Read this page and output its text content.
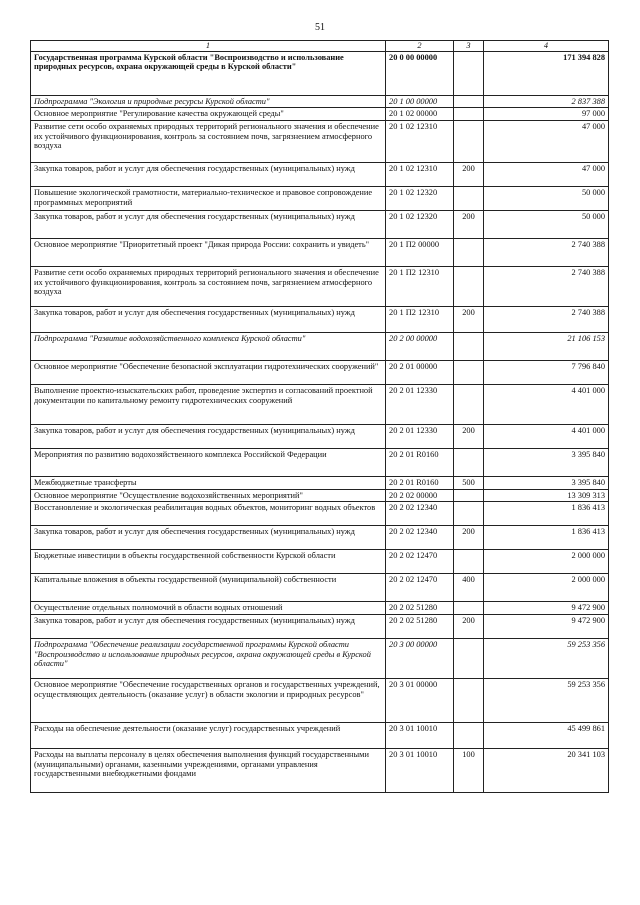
51
1	2	3	4
Государственная программа Курской области "Воспроизводство и использование природных ресурсов, охрана окружающей среды в Курской области"	20 0 00 00000		171 394 828
Подпрограмма "Экология и природные ресурсы Курской области"	20 1 00 00000		2 837 388
Основное мероприятие "Регулирование качества окружающей среды"	20 1 02 00000		97 000
Развитие сети особо охраняемых природных территорий регионального значения и обеспечение их устойчивого функционирования, контроль за состоянием почв, загрязнением атмосферного воздуха	20 1 02 12310		47 000
Закупка товаров, работ и услуг для обеспечения государственных (муниципальных) нужд	20 1 02 12310	200	47 000
Повышение экологической грамотности, материально-техническое и правовое сопровождение программных мероприятий	20 1 02 12320		50 000
Закупка товаров, работ и услуг для обеспечения государственных (муниципальных) нужд	20 1 02 12320	200	50 000
Основное мероприятие "Приоритетный проект "Дикая природа России: сохранить и увидеть"	20 1 П2 00000		2 740 388
Развитие сети особо охраняемых природных территорий регионального значения и обеспечение их устойчивого функционирования, контроль за состоянием почв, загрязнением атмосферного воздуха	20 1 П2 12310		2 740 388
Закупка товаров, работ и услуг для обеспечения государственных (муниципальных) нужд	20 1 П2 12310	200	2 740 388
Подпрограмма "Развитие водохозяйственного комплекса Курской области"	20 2 00 00000		21 106 153
Основное мероприятие "Обеспечение безопасной эксплуатации гидротехнических сооружений"	20 2 01 00000		7 796 840
Выполнение проектно-изыскательских работ, проведение экспертиз и согласований проектной документации по капитальному ремонту гидротехнических сооружений	20 2 01 12330		4 401 000
Закупка товаров, работ и услуг для обеспечения государственных (муниципальных) нужд	20 2 01 12330	200	4 401 000
Мероприятия по развитию водохозяйственного комплекса Российской Федерации	20 2 01 R0160		3 395 840
Межбюджетные трансферты	20 2 01 R0160	500	3 395 840
Основное мероприятие "Осуществление водохозяйственных мероприятий"	20 2 02 00000		13 309 313
Восстановление и экологическая реабилитация водных объектов, мониторинг водных объектов	20 2 02 12340		1 836 413
Закупка товаров, работ и услуг для обеспечения государственных (муниципальных) нужд	20 2 02 12340	200	1 836 413
Бюджетные инвестиции в объекты государственной собственности Курской области	20 2 02 12470		2 000 000
Капитальные вложения в объекты государственной (муниципальной) собственности	20 2 02 12470	400	2 000 000
Осуществление отдельных полномочий в области водных отношений	20 2 02 51280		9 472 900
Закупка товаров, работ и услуг для обеспечения государственных (муниципальных) нужд	20 2 02 51280	200	9 472 900
Подпрограмма "Обеспечение реализации государственной программы Курской области "Воспроизводство и использование природных ресурсов, охрана окружающей среды в Курской области"	20 3 00 00000		59 253 356
Основное мероприятие "Обеспечение государственных органов и государственных учреждений, осуществляющих деятельность (оказание услуг) в области экологии и природных ресурсов"	20 3 01 00000		59 253 356
Расходы на обеспечение деятельности (оказание услуг) государственных учреждений	20 3 01 10010		45 499 861
Расходы на выплаты персоналу в целях обеспечения выполнения функций государственными (муниципальными) органами, казенными учреждениями, органами управления государственными внебюджетными фондами	20 3 01 10010	100	20 341 103
